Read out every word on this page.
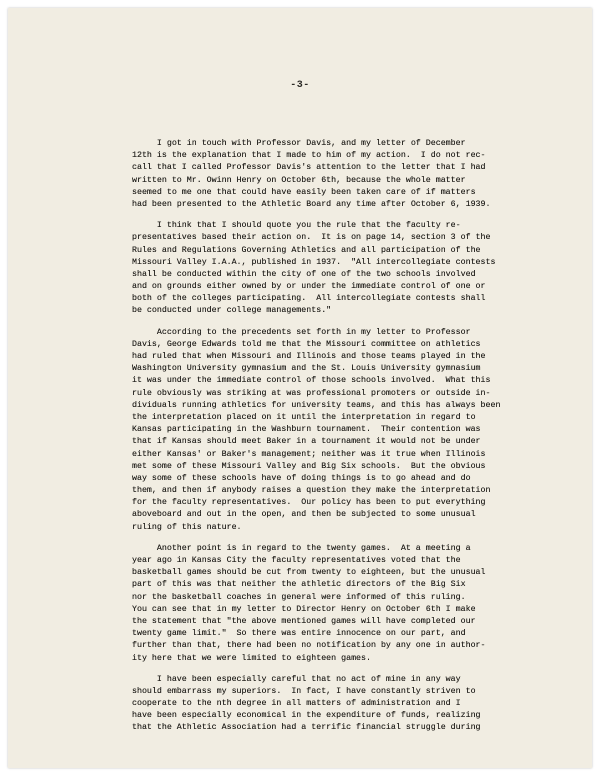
-3-
I got in touch with Professor Davis, and my letter of December
12th is the explanation that I made to him of my action.  I do not rec-
call that I called Professor Davis's attention to the letter that I had
written to Mr. Owinn Henry on October 6th, because the whole matter
seemed to me one that could have easily been taken care of if matters
had been presented to the Athletic Board any time after October 6, 1939.
I think that I should quote you the rule that the faculty re-
presentatives based their action on.  It is on page 14, section 3 of the
Rules and Regulations Governing Athletics and all participation of the
Missouri Valley I.A.A., published in 1937.  "All intercollegiate contests
shall be conducted within the city of one of the two schools involved
and on grounds either owned by or under the immediate control of one or
both of the colleges participating.  All intercollegiate contests shall
be conducted under college managements."
According to the precedents set forth in my letter to Professor
Davis, George Edwards told me that the Missouri committee on athletics
had ruled that when Missouri and Illinois and those teams played in the
Washington University gymnasium and the St. Louis University gymnasium
it was under the immediate control of those schools involved.  What this
rule obviously was striking at was professional promoters or outside in-
dividuals running athletics for university teams, and this has always been
the interpretation placed on it until the interpretation in regard to
Kansas participating in the Washburn tournament.  Their contention was
that if Kansas should meet Baker in a tournament it would not be under
either Kansas' or Baker's management; neither was it true when Illinois
met some of these Missouri Valley and Big Six schools.  But the obvious
way some of these schools have of doing things is to go ahead and do
them, and then if anybody raises a question they make the interpretation
for the faculty representatives.  Our policy has been to put everything
aboveboard and out in the open, and then be subjected to some unusual
ruling of this nature.
Another point is in regard to the twenty games.  At a meeting a
year ago in Kansas City the faculty representatives voted that the
basketball games should be cut from twenty to eighteen, but the unusual
part of this was that neither the athletic directors of the Big Six
nor the basketball coaches in general were informed of this ruling.
You can see that in my letter to Director Henry on October 6th I make
the statement that "the above mentioned games will have completed our
twenty game limit."  So there was entire innocence on our part, and
further than that, there had been no notification by any one in author-
ity here that we were limited to eighteen games.
I have been especially careful that no act of mine in any way
should embarrass my superiors.  In fact, I have constantly striven to
cooperate to the nth degree in all matters of administration and I
have been especially economical in the expenditure of funds, realizing
that the Athletic Association had a terrific financial struggle during
